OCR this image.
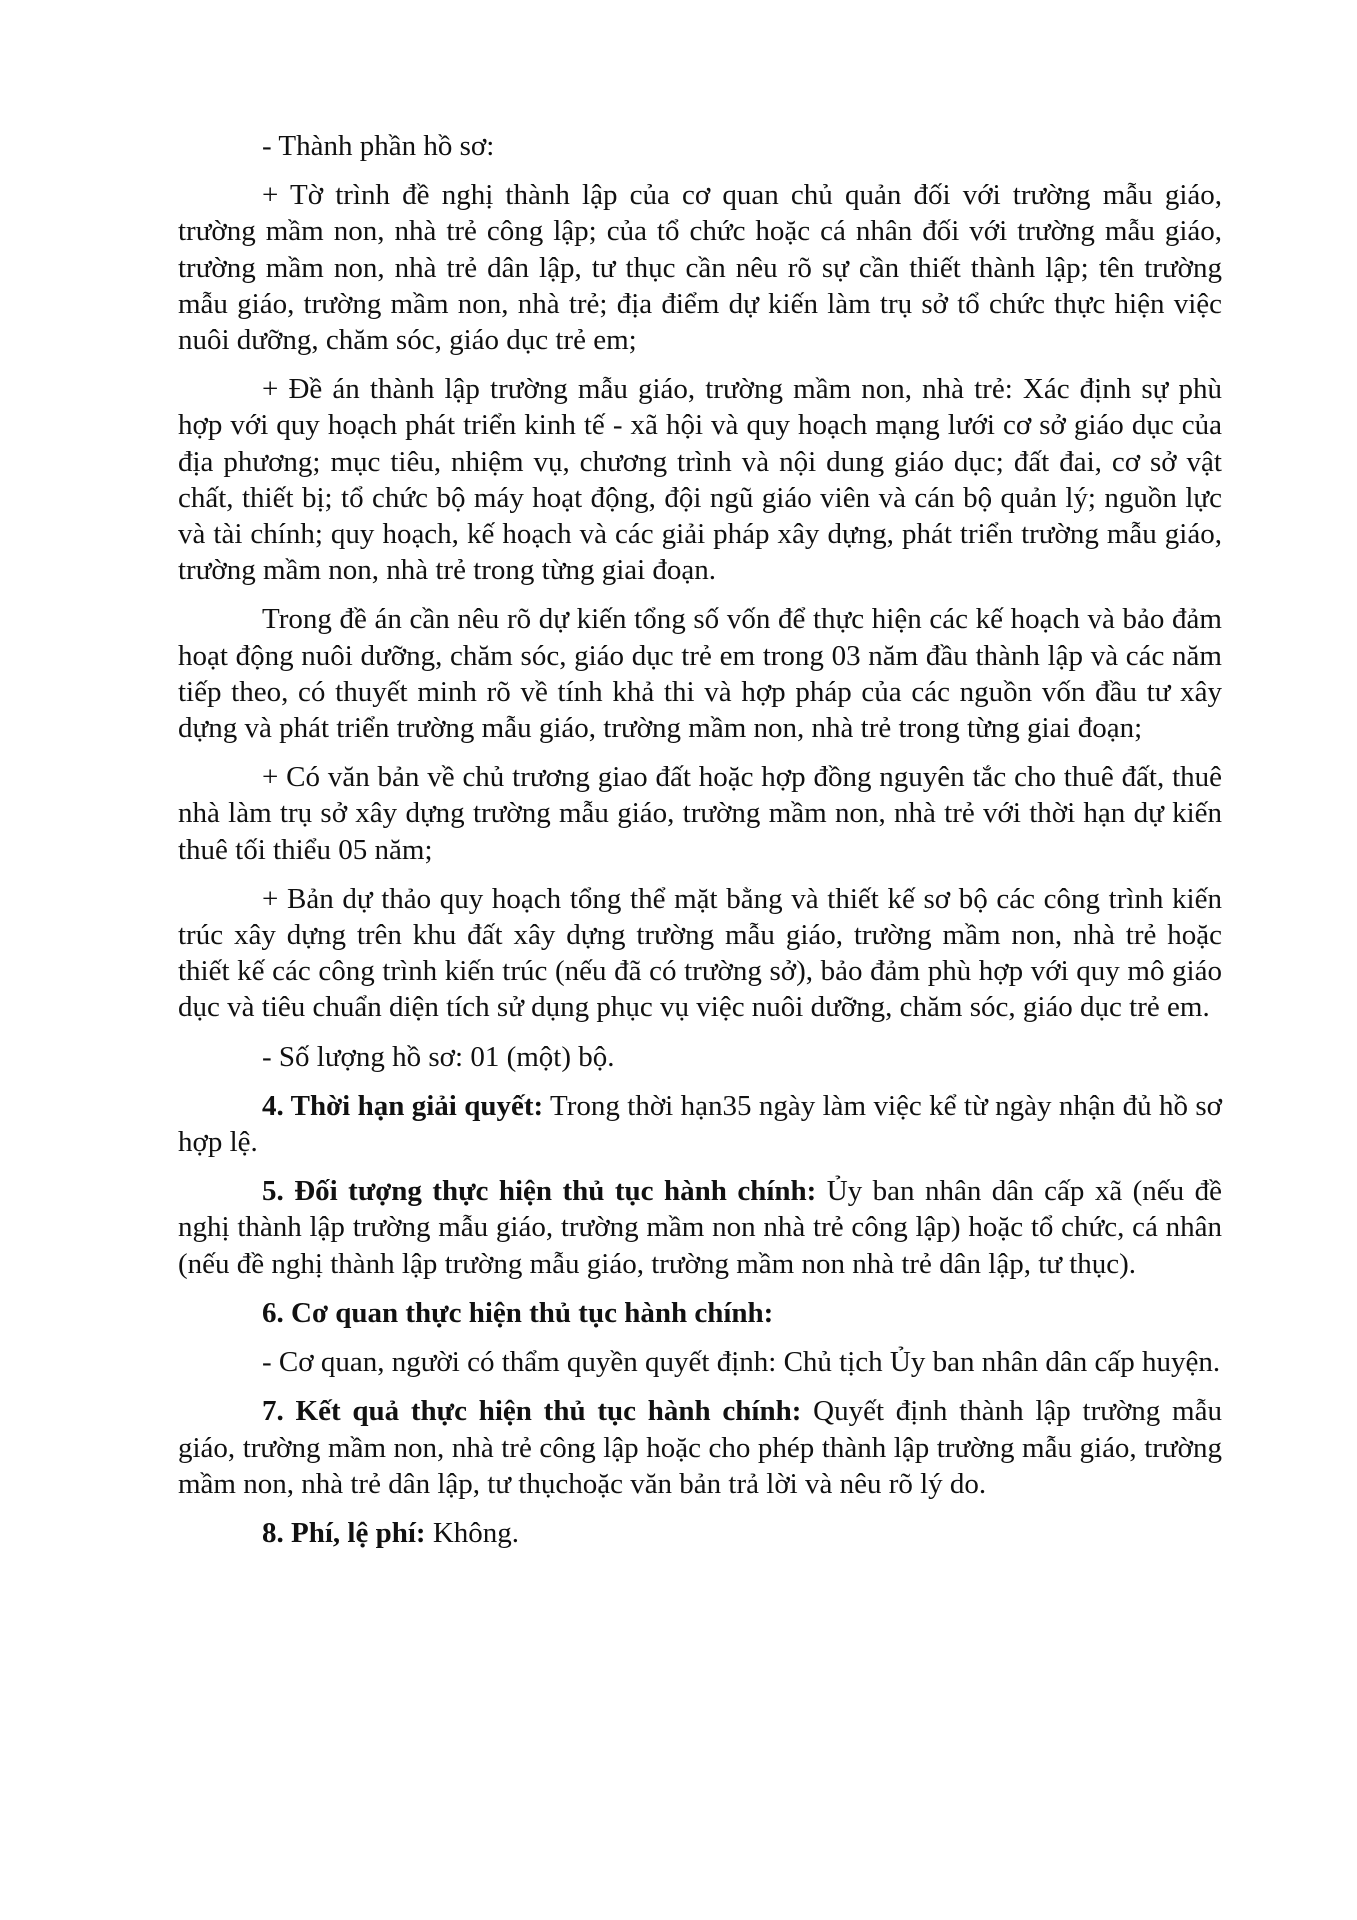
- Thành phần hồ sơ:

+ Tờ trình đề nghị thành lập của cơ quan chủ quản đối với trường mẫu giáo, trường mầm non, nhà trẻ công lập; của tổ chức hoặc cá nhân đối với trường mẫu giáo, trường mầm non, nhà trẻ dân lập, tư thục cần nêu rõ sự cần thiết thành lập; tên trường mẫu giáo, trường mầm non, nhà trẻ; địa điểm dự kiến làm trụ sở tổ chức thực hiện việc nuôi dưỡng, chăm sóc, giáo dục trẻ em;

+ Đề án thành lập trường mẫu giáo, trường mầm non, nhà trẻ: Xác định sự phù hợp với quy hoạch phát triển kinh tế - xã hội và quy hoạch mạng lưới cơ sở giáo dục của địa phương; mục tiêu, nhiệm vụ, chương trình và nội dung giáo dục; đất đai, cơ sở vật chất, thiết bị; tổ chức bộ máy hoạt động, đội ngũ giáo viên và cán bộ quản lý; nguồn lực và tài chính; quy hoạch, kế hoạch và các giải pháp xây dựng, phát triển trường mẫu giáo, trường mầm non, nhà trẻ trong từng giai đoạn.

Trong đề án cần nêu rõ dự kiến tổng số vốn để thực hiện các kế hoạch và bảo đảm hoạt động nuôi dưỡng, chăm sóc, giáo dục trẻ em trong 03 năm đầu thành lập và các năm tiếp theo, có thuyết minh rõ về tính khả thi và hợp pháp của các nguồn vốn đầu tư xây dựng và phát triển trường mẫu giáo, trường mầm non, nhà trẻ trong từng giai đoạn;

+ Có văn bản về chủ trương giao đất hoặc hợp đồng nguyên tắc cho thuê đất, thuê nhà làm trụ sở xây dựng trường mẫu giáo, trường mầm non, nhà trẻ với thời hạn dự kiến thuê tối thiểu 05 năm;

+ Bản dự thảo quy hoạch tổng thể mặt bằng và thiết kế sơ bộ các công trình kiến trúc xây dựng trên khu đất xây dựng trường mẫu giáo, trường mầm non, nhà trẻ hoặc thiết kế các công trình kiến trúc (nếu đã có trường sở), bảo đảm phù hợp với quy mô giáo dục và tiêu chuẩn diện tích sử dụng phục vụ việc nuôi dưỡng, chăm sóc, giáo dục trẻ em.

- Số lượng hồ sơ: 01 (một) bộ.

4. Thời hạn giải quyết: Trong thời hạn35 ngày làm việc kể từ ngày nhận đủ hồ sơ hợp lệ.

5. Đối tượng thực hiện thủ tục hành chính: Ủy ban nhân dân cấp xã (nếu đề nghị thành lập trường mẫu giáo, trường mầm non nhà trẻ công lập) hoặc tổ chức, cá nhân (nếu đề nghị thành lập trường mẫu giáo, trường mầm non nhà trẻ dân lập, tư thục).

6. Cơ quan thực hiện thủ tục hành chính:

- Cơ quan, người có thẩm quyền quyết định: Chủ tịch Ủy ban nhân dân cấp huyện.

7. Kết quả thực hiện thủ tục hành chính: Quyết định thành lập trường mẫu giáo, trường mầm non, nhà trẻ công lập hoặc cho phép thành lập trường mẫu giáo, trường mầm non, nhà trẻ dân lập, tư thụchoặc văn bản trả lời và nêu rõ lý do.

8. Phí, lệ phí: Không.
